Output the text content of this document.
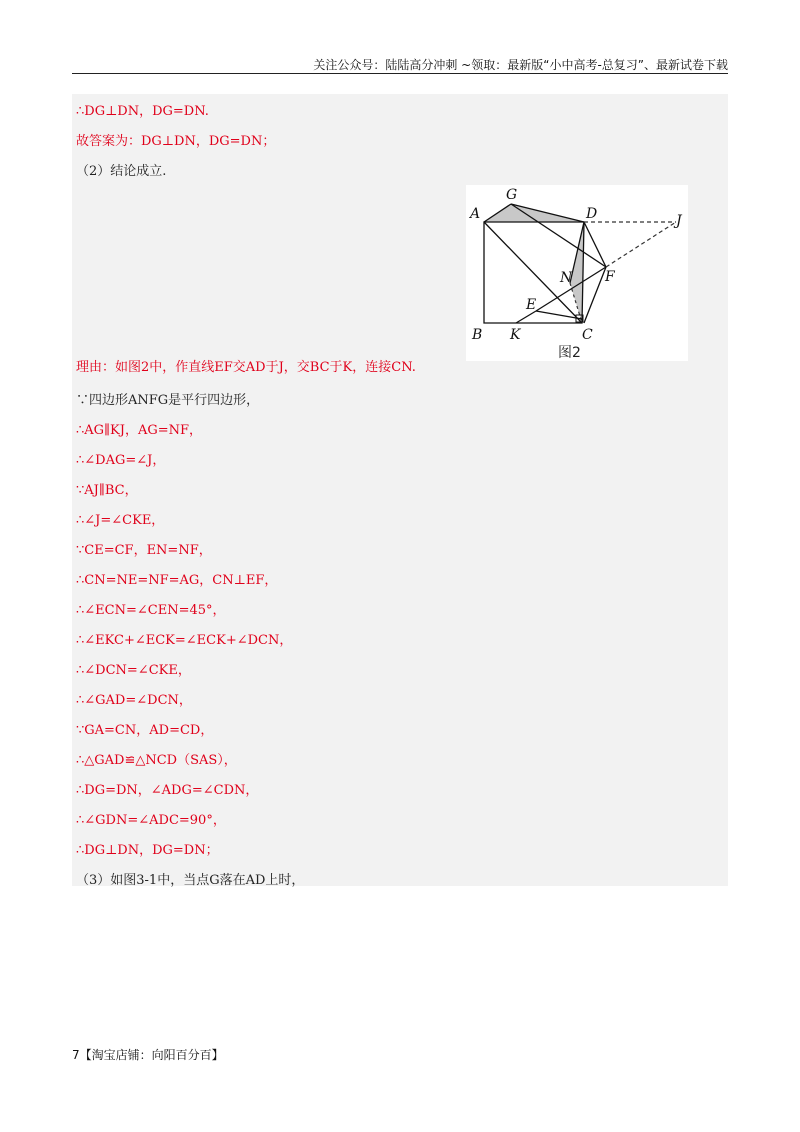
关注公众号：陆陆高分冲刺 ~领取：最新版“小中高考-总复习”、最新试卷下载
∴DG⊥DN，DG=DN.
故答案为：DG⊥DN，DG=DN；
（2）结论成立.
理由：如图2中，作直线EF交AD于J，交BC于K，连接CN.
∵四边形ANFG是平行四边形，
∴AG∥KJ，AG=NF，
∴∠DAG=∠J，
∵AJ∥BC，
∴∠J=∠CKE，
∵CE=CF，EN=NF，
∴CN=NE=NF=AG，CN⊥EF，
∴∠ECN=∠CEN=45°，
∴∠EKC+∠ECK=∠ECK+∠DCN，
∴∠DCN=∠CKE，
∴∠GAD=∠DCN，
∵GA=CN，AD=CD，
∴△GAD≌△NCD（SAS），
∴DG=DN，∠ADG=∠CDN，
∴∠GDN=∠ADC=90°，
∴DG⊥DN，DG=DN；
（3）如图3-1中，当点G落在AD上时，
A
G
D	J
N F
E
B K	C
图2
7【淘宝店铺：向阳百分百】
